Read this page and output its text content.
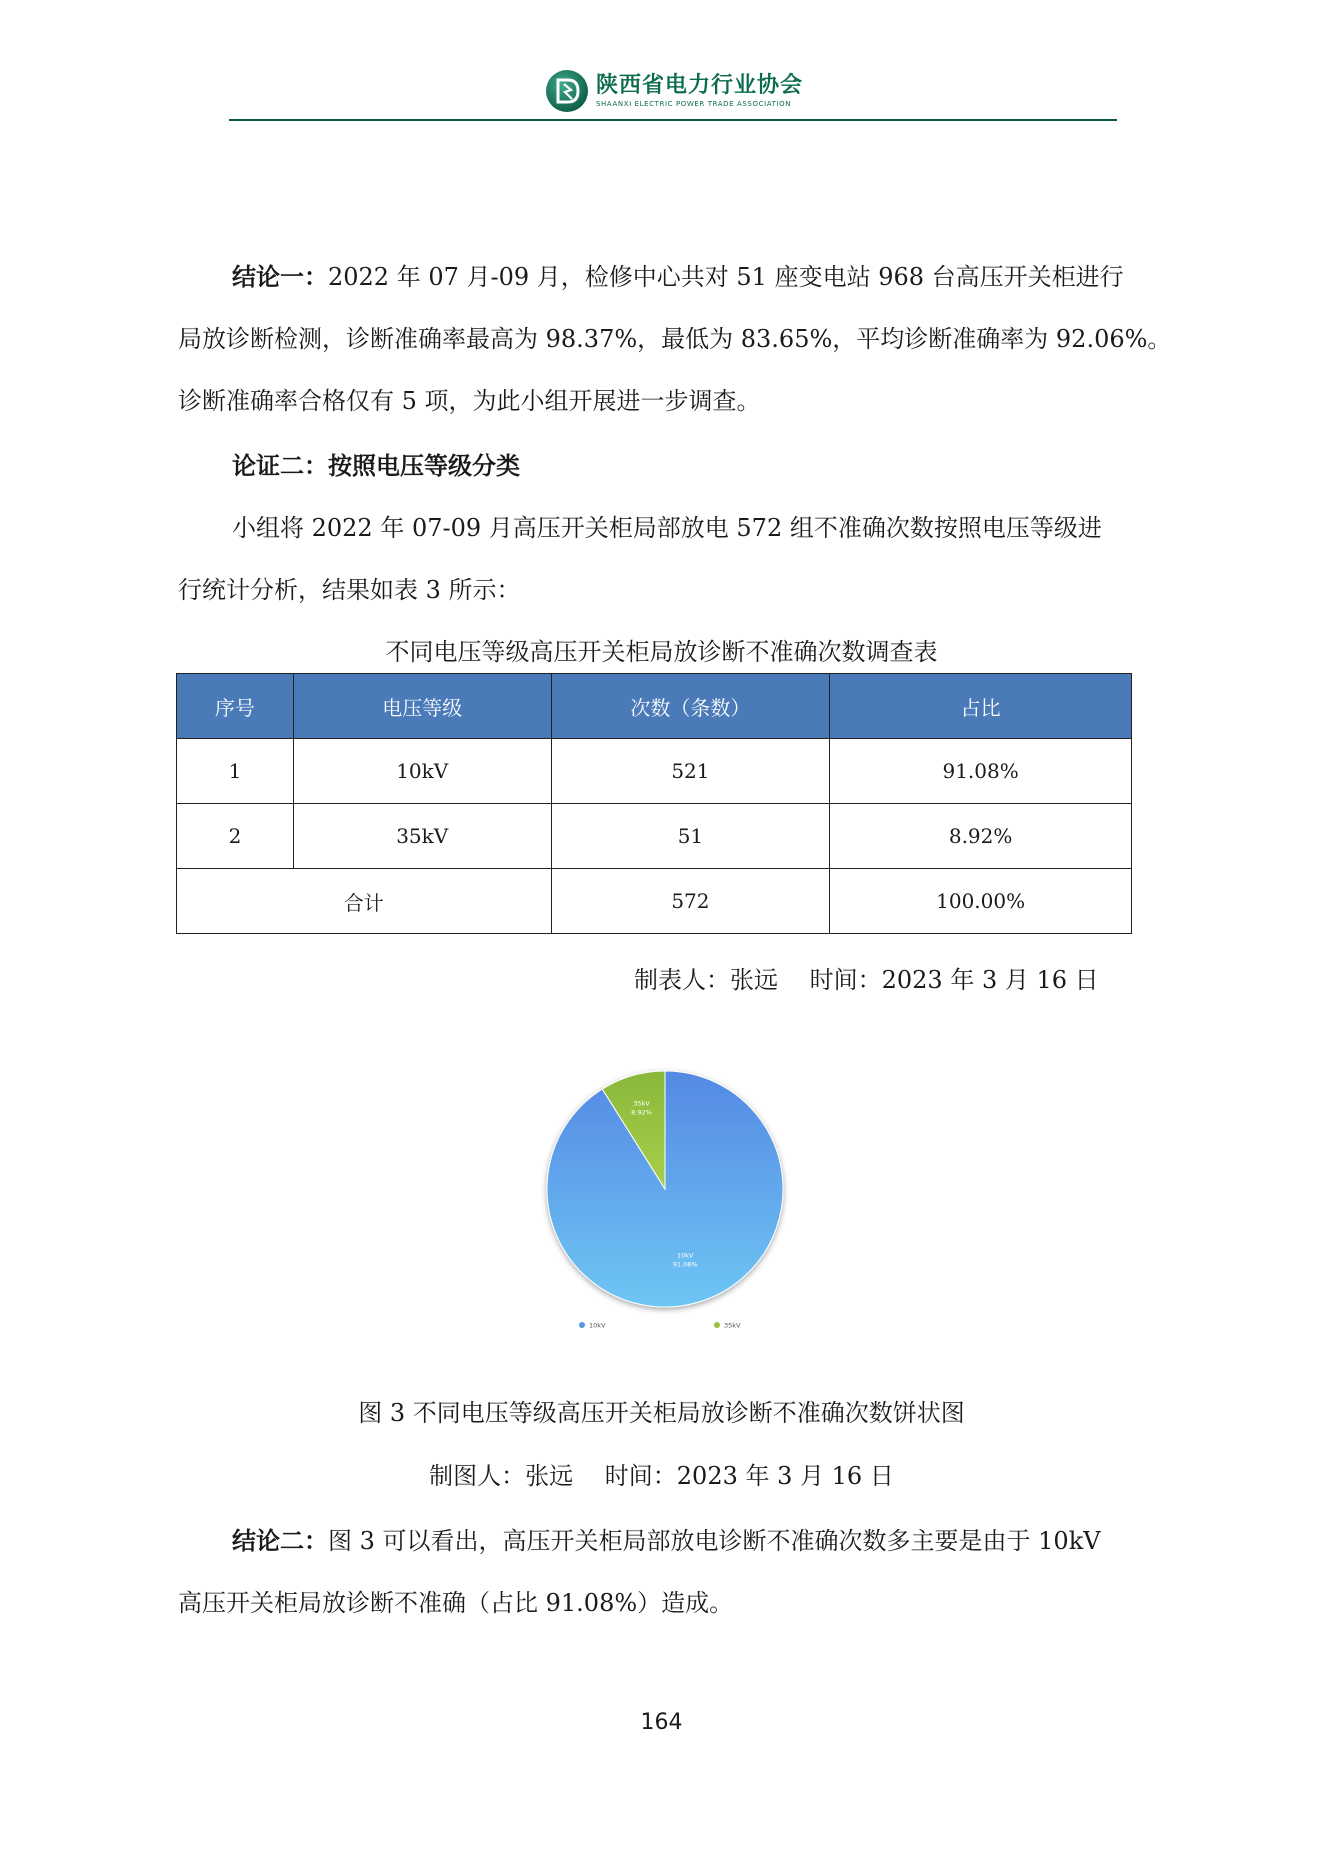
陕西省电力行业协会
SHAANXI ELECTRIC POWER TRADE ASSOCIATION
结论一：2022 年 07 月-09 月，检修中心共对 51 座变电站 968 台高压开关柜进行
局放诊断检测，诊断准确率最高为 98.37%，最低为 83.65%，平均诊断准确率为 92.06%。
诊断准确率合格仅有 5 项，为此小组开展进一步调查。
论证二：按照电压等级分类
小组将 2022 年 07-09 月高压开关柜局部放电 572 组不准确次数按照电压等级进
行统计分析，结果如表 3 所示：
不同电压等级高压开关柜局放诊断不准确次数调查表
序号	电压等级	次数（条数）	占比
1	10kV	521	91.08%
2	35kV	51	8.92%
合计		572	100.00%
制表人：张远　 时间：2023 年 3 月 16 日
10kV
91.08%
35kV
8.92%
10kV	35kV
图 3 不同电压等级高压开关柜局放诊断不准确次数饼状图
制图人：张远　 时间：2023 年 3 月 16 日
结论二：图 3 可以看出，高压开关柜局部放电诊断不准确次数多主要是由于 10kV
高压开关柜局放诊断不准确（占比 91.08%）造成。
164
